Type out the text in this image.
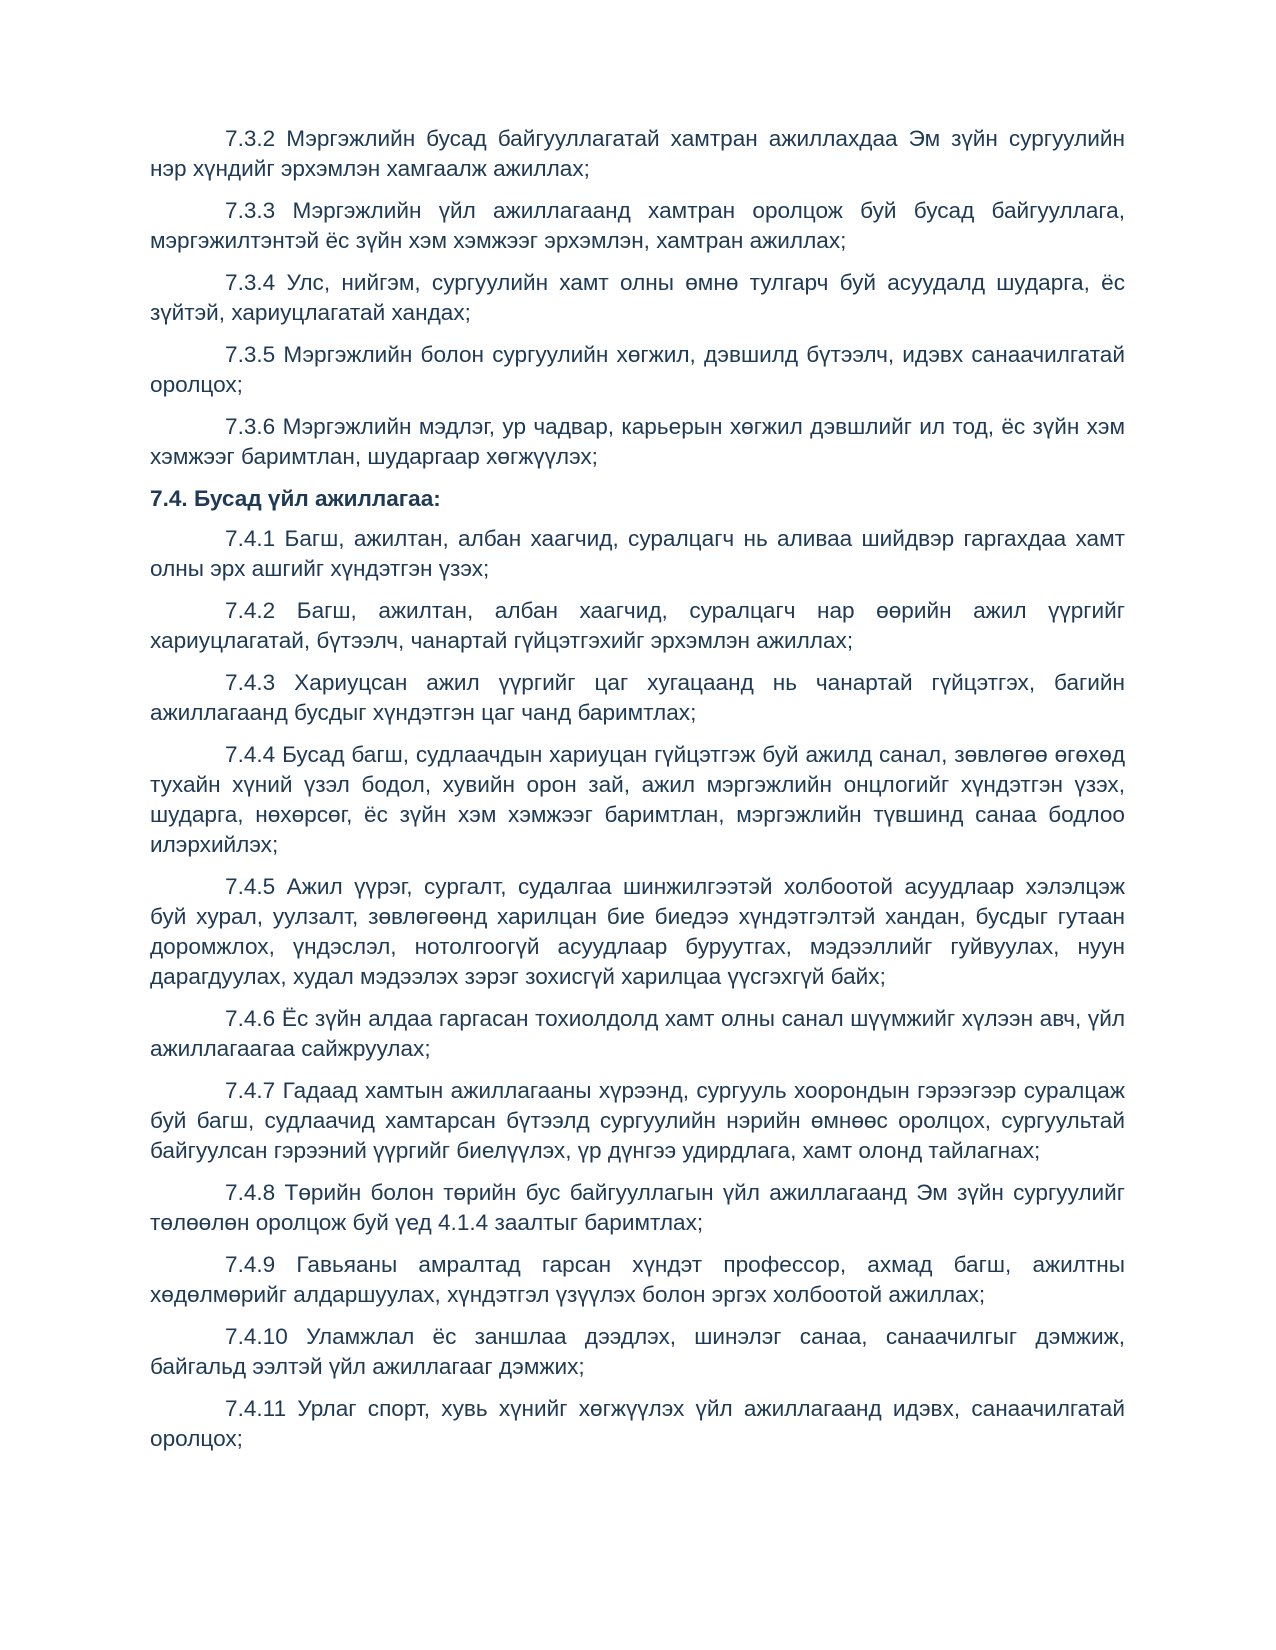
7.3.2 Мэргэжлийн бусад байгууллагатай хамтран ажиллахдаа Эм зүйн сургуулийн нэр хүндийг эрхэмлэн хамгаалж ажиллах;

7.3.3 Мэргэжлийн үйл ажиллагаанд хамтран оролцож буй бусад байгууллага, мэргэжилтэнтэй ёс зүйн хэм хэмжээг эрхэмлэн, хамтран ажиллах;

7.3.4 Улс, нийгэм, сургуулийн хамт олны өмнө тулгарч буй асуудалд шударга, ёс зүйтэй, хариуцлагатай хандах;

7.3.5 Мэргэжлийн болон сургуулийн хөгжил, дэвшилд бүтээлч, идэвх санаачилгатай оролцох;

7.3.6 Мэргэжлийн мэдлэг, ур чадвар, карьерын хөгжил дэвшлийг ил тод, ёс зүйн хэм хэмжээг баримтлан, шударгаар хөгжүүлэх;

7.4. Бусад үйл ажиллагаа:

7.4.1 Багш, ажилтан, албан хаагчид, суралцагч нь аливаа шийдвэр гаргахдаа хамт олны эрх ашгийг хүндэтгэн үзэх;

7.4.2 Багш, ажилтан, албан хаагчид, суралцагч нар өөрийн ажил үүргийг хариуцлагатай, бүтээлч, чанартай гүйцэтгэхийг эрхэмлэн ажиллах;

7.4.3 Хариуцсан ажил үүргийг цаг хугацаанд нь чанартай гүйцэтгэх, багийн ажиллагаанд бусдыг хүндэтгэн цаг чанд баримтлах;

7.4.4 Бусад багш, судлаачдын хариуцан гүйцэтгэж буй ажилд санал, зөвлөгөө өгөхөд тухайн хүний үзэл бодол, хувийн орон зай, ажил мэргэжлийн онцлогийг хүндэтгэн үзэх, шударга, нөхөрсөг, ёс зүйн хэм хэмжээг баримтлан, мэргэжлийн түвшинд санаа бодлоо илэрхийлэх;

7.4.5 Ажил үүрэг, сургалт, судалгаа шинжилгээтэй холбоотой асуудлаар хэлэлцэж буй хурал, уулзалт, зөвлөгөөнд харилцан бие биедээ хүндэтгэлтэй хандан, бусдыг гутаан доромжлох, үндэслэл, нотолгоогүй асуудлаар буруутгах, мэдээллийг гуйвуулах, нуун дарагдуулах, худал мэдээлэх зэрэг зохисгүй харилцаа үүсгэхгүй байх;

7.4.6 Ёс зүйн алдаа гаргасан тохиолдолд хамт олны санал шүүмжийг хүлээн авч, үйл ажиллагаагаа сайжруулах;

7.4.7 Гадаад хамтын ажиллагааны хүрээнд, сургууль хоорондын гэрээгээр суралцаж буй багш, судлаачид хамтарсан бүтээлд сургуулийн нэрийн өмнөөс оролцох, сургуультай байгуулсан гэрээний үүргийг биелүүлэх, үр дүнгээ удирдлага, хамт олонд тайлагнах;

7.4.8 Төрийн болон төрийн бус байгууллагын үйл ажиллагаанд Эм зүйн сургуулийг төлөөлөн оролцож буй үед 4.1.4 заалтыг баримтлах;

7.4.9 Гавьяаны амралтад гарсан хүндэт профессор, ахмад багш, ажилтны хөдөлмөрийг алдаршуулах, хүндэтгэл үзүүлэх болон эргэх холбоотой ажиллах;

7.4.10 Уламжлал ёс заншлаа дээдлэх, шинэлэг санаа, санаачилгыг дэмжиж, байгальд ээлтэй үйл ажиллагааг дэмжих;

7.4.11 Урлаг спорт, хувь хүнийг хөгжүүлэх үйл ажиллагаанд идэвх, санаачилгатай оролцох;
